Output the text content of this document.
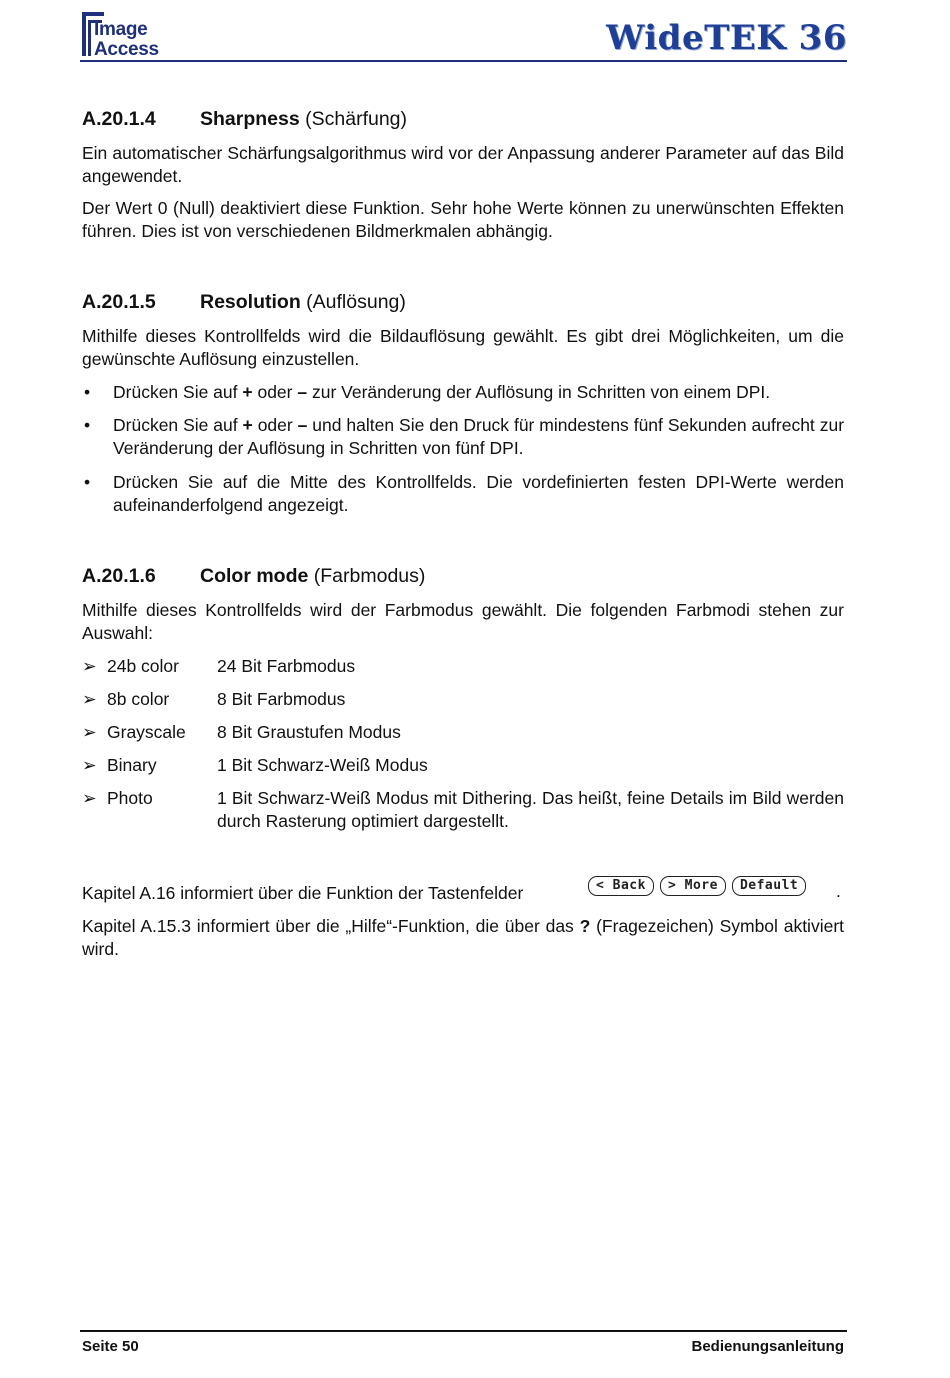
Image
Access	WideTEK 36
A.20.1.4 Sharpness (Schärfung)
Ein automatischer Schärfungsalgorithmus wird vor der Anpassung anderer Parameter auf das Bild angewendet.
Der Wert 0 (Null) deaktiviert diese Funktion. Sehr hohe Werte können zu unerwünschten Effekten führen. Dies ist von verschiedenen Bildmerkmalen abhängig.
A.20.1.5 Resolution (Auflösung)
Mithilfe dieses Kontrollfelds wird die Bildauflösung gewählt. Es gibt drei Möglichkeiten, um die gewünschte Auflösung einzustellen.
• Drücken Sie auf + oder – zur Veränderung der Auflösung in Schritten von einem DPI.
• Drücken Sie auf + oder – und halten Sie den Druck für mindestens fünf Sekunden aufrecht zur Veränderung der Auflösung in Schritten von fünf DPI.
• Drücken Sie auf die Mitte des Kontrollfelds. Die vordefinierten festen DPI-Werte werden aufeinanderfolgend angezeigt.
A.20.1.6 Color mode (Farbmodus)
Mithilfe dieses Kontrollfelds wird der Farbmodus gewählt. Die folgenden Farbmodi stehen zur Auswahl:
➢ 24b color 24 Bit Farbmodus
➢ 8b color	8 Bit Farbmodus
➢ Grayscale 8 Bit Graustufen Modus
➢ Binary	1 Bit Schwarz-Weiß Modus
➢ Photo	1 Bit Schwarz-Weiß Modus mit Dithering. Das heißt, feine Details im Bild werden durch Rasterung optimiert dargestellt.
Kapitel A.16 informiert über die Funktion der Tastenfelder	< Back > More Default	.
Kapitel A.15.3 informiert über die „Hilfe“-Funktion, die über das ? (Fragezeichen) Symbol aktiviert wird.
Seite 50	Bedienungsanleitung
